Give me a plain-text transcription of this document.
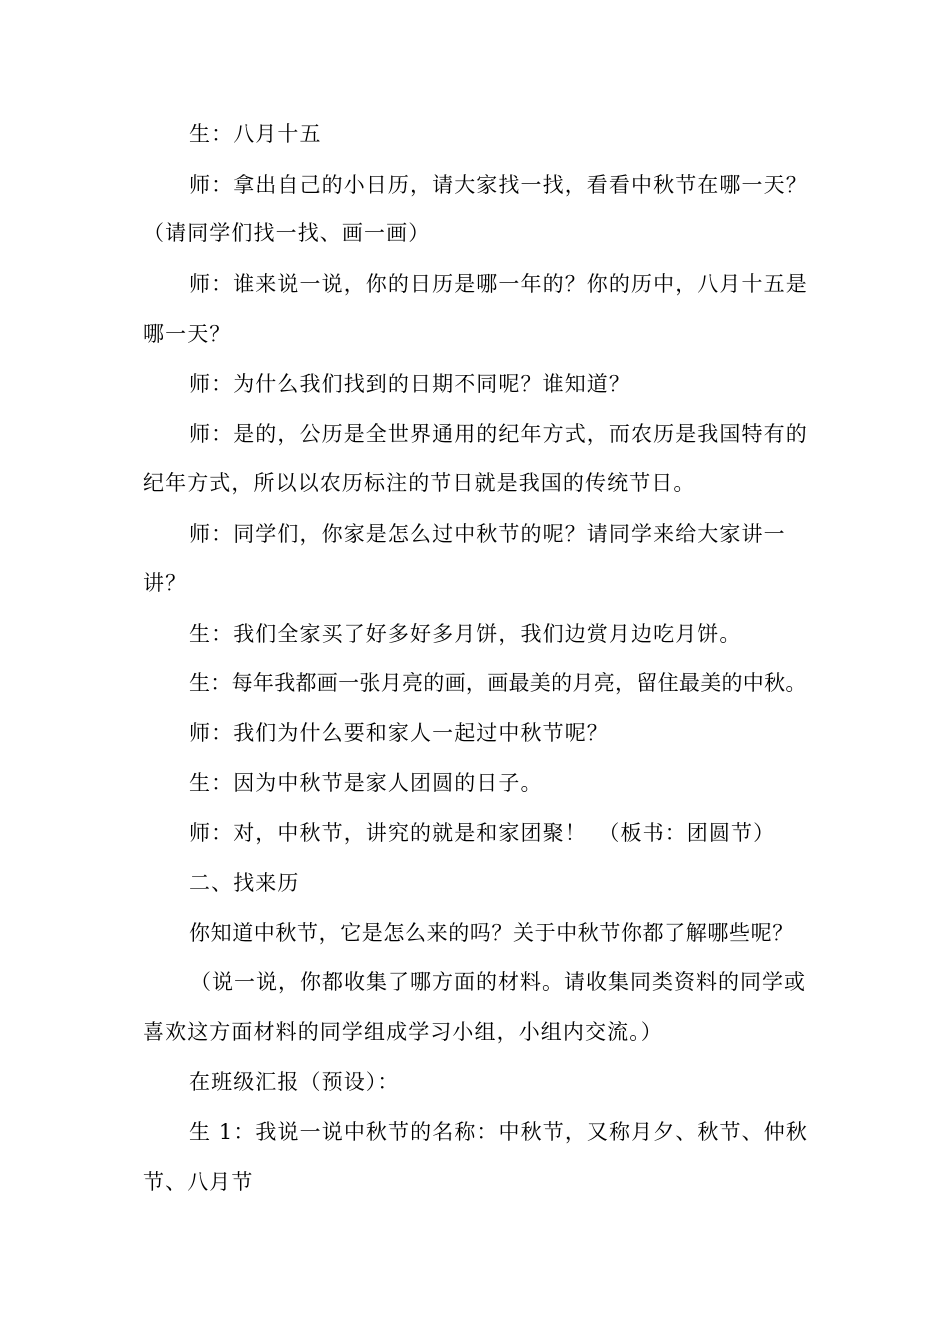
生：八月十五
师：拿出自己的小日历，请大家找一找，看看中秋节在哪一天？
（请同学们找一找、画一画）
师：谁来说一说，你的日历是哪一年的？你的历中，八月十五是
哪一天？
师：为什么我们找到的日期不同呢？谁知道？
师：是的，公历是全世界通用的纪年方式，而农历是我国特有的
纪年方式，所以以农历标注的节日就是我国的传统节日。
师：同学们，你家是怎么过中秋节的呢？请同学来给大家讲一
讲？
生：我们全家买了好多好多月饼，我们边赏月边吃月饼。
生：每年我都画一张月亮的画，画最美的月亮，留住最美的中秋。
师：我们为什么要和家人一起过中秋节呢？
生：因为中秋节是家人团圆的日子。
师：对，中秋节，讲究的就是和家团聚！　（板书：团圆节）
二、找来历
你知道中秋节，它是怎么来的吗？关于中秋节你都了解哪些呢？
（说一说，你都收集了哪方面的材料。请收集同类资料的同学或
喜欢这方面材料的同学组成学习小组，小组内交流。）
在班级汇报（预设）：
生 1：我说一说中秋节的名称：中秋节，又称月夕、秋节、仲秋
节、八月节
